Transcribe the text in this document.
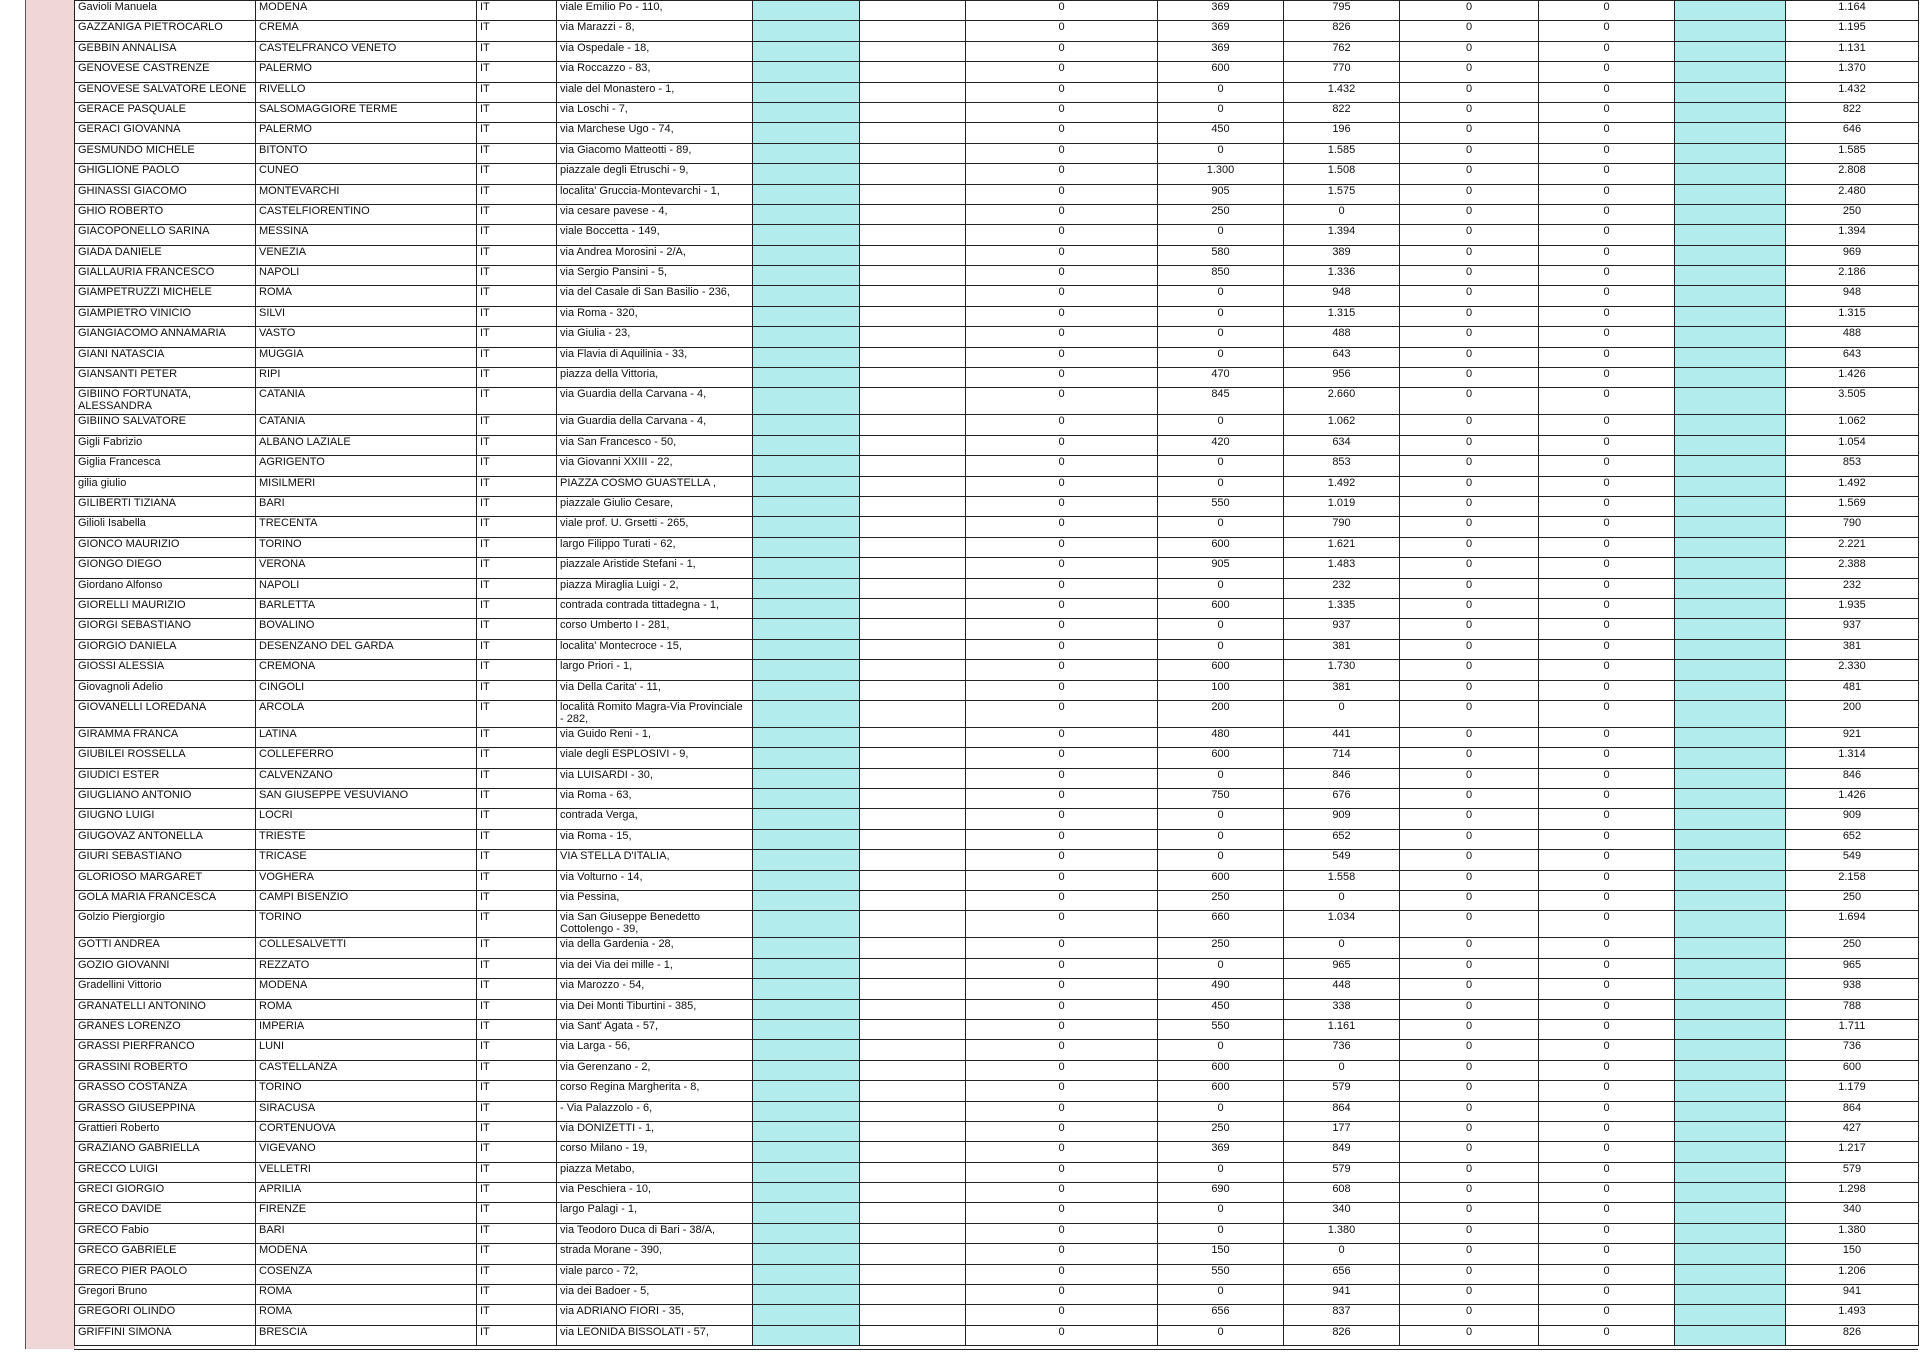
Gavioli Manuela	MODENA	IT	viale Emilio Po - 110,			0	369	795	0	0		1.164
GAZZANIGA PIETROCARLO	CREMA	IT	via Marazzi - 8,			0	369	826	0	0		1.195
GEBBIN ANNALISA	CASTELFRANCO VENETO	IT	via Ospedale - 18,			0	369	762	0	0		1.131
GENOVESE CASTRENZE	PALERMO	IT	via Roccazzo - 83,			0	600	770	0	0		1.370
GENOVESE SALVATORE LEONE	RIVELLO	IT	viale del Monastero - 1,			0	0	1.432	0	0		1.432
GERACE PASQUALE	SALSOMAGGIORE TERME	IT	via Loschi - 7,			0	0	822	0	0		822
GERACI GIOVANNA	PALERMO	IT	via Marchese Ugo - 74,			0	450	196	0	0		646
GESMUNDO MICHELE	BITONTO	IT	via Giacomo Matteotti - 89,			0	0	1.585	0	0		1.585
GHIGLIONE PAOLO	CUNEO	IT	piazzale degli Etruschi - 9,			0	1.300	1.508	0	0		2.808
GHINASSI GIACOMO	MONTEVARCHI	IT	localita' Gruccia-Montevarchi - 1,			0	905	1.575	0	0		2.480
GHIO ROBERTO	CASTELFIORENTINO	IT	via cesare pavese - 4,			0	250	0	0	0		250
GIACOPONELLO SARINA	MESSINA	IT	viale Boccetta - 149,			0	0	1.394	0	0		1.394
GIADA DANIELE	VENEZIA	IT	via Andrea Morosini - 2/A,			0	580	389	0	0		969
GIALLAURIA FRANCESCO	NAPOLI	IT	via Sergio Pansini - 5,			0	850	1.336	0	0		2.186
GIAMPETRUZZI MICHELE	ROMA	IT	via del Casale di San Basilio - 236,			0	0	948	0	0		948
GIAMPIETRO VINICIO	SILVI	IT	via Roma - 320,			0	0	1.315	0	0		1.315
GIANGIACOMO ANNAMARIA	VASTO	IT	via Giulia - 23,			0	0	488	0	0		488
GIANI NATASCIA	MUGGIA	IT	via Flavia di Aquilinia - 33,			0	0	643	0	0		643
GIANSANTI PETER	RIPI	IT	piazza della Vittoria,			0	470	956	0	0		1.426
GIBIINO FORTUNATA, ALESSANDRA	CATANIA	IT	via Guardia della Carvana - 4,			0	845	2.660	0	0		3.505
GIBIINO SALVATORE	CATANIA	IT	via Guardia della Carvana - 4,			0	0	1.062	0	0		1.062
Gigli Fabrizio	ALBANO LAZIALE	IT	via San Francesco - 50,			0	420	634	0	0		1.054
Giglia Francesca	AGRIGENTO	IT	via Giovanni XXIII - 22,			0	0	853	0	0		853
gilia giulio	MISILMERI	IT	PIAZZA COSMO GUASTELLA ,			0	0	1.492	0	0		1.492
GILIBERTI TIZIANA	BARI	IT	piazzale Giulio Cesare,			0	550	1.019	0	0		1.569
Gilioli Isabella	TRECENTA	IT	viale prof. U. Grsetti - 265,			0	0	790	0	0		790
GIONCO MAURIZIO	TORINO	IT	largo Filippo Turati - 62,			0	600	1.621	0	0		2.221
GIONGO DIEGO	VERONA	IT	piazzale Aristide Stefani - 1,			0	905	1.483	0	0		2.388
Giordano Alfonso	NAPOLI	IT	piazza Miraglia Luigi - 2,			0	0	232	0	0		232
GIORELLI MAURIZIO	BARLETTA	IT	contrada contrada tittadegna - 1,			0	600	1.335	0	0		1.935
GIORGI SEBASTIANO	BOVALINO	IT	corso Umberto I - 281,			0	0	937	0	0		937
GIORGIO DANIELA	DESENZANO DEL GARDA	IT	localita' Montecroce - 15,			0	0	381	0	0		381
GIOSSI ALESSIA	CREMONA	IT	largo Priori - 1,			0	600	1.730	0	0		2.330
Giovagnoli Adelio	CINGOLI	IT	via Della Carita' - 11,			0	100	381	0	0		481
GIOVANELLI LOREDANA	ARCOLA	IT	località Romito Magra-Via Provinciale - 282,			0	200	0	0	0		200
GIRAMMA FRANCA	LATINA	IT	via Guido Reni - 1,			0	480	441	0	0		921
GIUBILEI ROSSELLA	COLLEFERRO	IT	viale degli ESPLOSIVI - 9,			0	600	714	0	0		1.314
GIUDICI ESTER	CALVENZANO	IT	via LUISARDI - 30,			0	0	846	0	0		846
GIUGLIANO ANTONIO	SAN GIUSEPPE VESUVIANO	IT	via Roma - 63,			0	750	676	0	0		1.426
GIUGNO LUIGI	LOCRI	IT	contrada Verga,			0	0	909	0	0		909
GIUGOVAZ ANTONELLA	TRIESTE	IT	via Roma - 15,			0	0	652	0	0		652
GIURI SEBASTIANO	TRICASE	IT	VIA STELLA D'ITALIA,			0	0	549	0	0		549
GLORIOSO MARGARET	VOGHERA	IT	via Volturno - 14,			0	600	1.558	0	0		2.158
GOLA MARIA FRANCESCA	CAMPI BISENZIO	IT	via Pessina,			0	250	0	0	0		250
Golzio Piergiorgio	TORINO	IT	via San Giuseppe Benedetto Cottolengo - 39,			0	660	1.034	0	0		1.694
GOTTI ANDREA	COLLESALVETTI	IT	via della Gardenia - 28,			0	250	0	0	0		250
GOZIO GIOVANNI	REZZATO	IT	via dei Via dei mille - 1,			0	0	965	0	0		965
Gradellini Vittorio	MODENA	IT	via Marozzo - 54,			0	490	448	0	0		938
GRANATELLI ANTONINO	ROMA	IT	via Dei Monti Tiburtini - 385,			0	450	338	0	0		788
GRANES LORENZO	IMPERIA	IT	via Sant' Agata - 57,			0	550	1.161	0	0		1.711
GRASSI PIERFRANCO	LUNI	IT	via Larga - 56,			0	0	736	0	0		736
GRASSINI ROBERTO	CASTELLANZA	IT	via Gerenzano - 2,			0	600	0	0	0		600
GRASSO COSTANZA	TORINO	IT	corso Regina Margherita - 8,			0	600	579	0	0		1.179
GRASSO GIUSEPPINA	SIRACUSA	IT	- Via Palazzolo - 6,			0	0	864	0	0		864
Grattieri Roberto	CORTENUOVA	IT	via DONIZETTI - 1,			0	250	177	0	0		427
GRAZIANO GABRIELLA	VIGEVANO	IT	corso Milano - 19,			0	369	849	0	0		1.217
GRECCO LUIGI	VELLETRI	IT	piazza Metabo,			0	0	579	0	0		579
GRECI GIORGIO	APRILIA	IT	via Peschiera - 10,			0	690	608	0	0		1.298
GRECO DAVIDE	FIRENZE	IT	largo Palagi - 1,			0	0	340	0	0		340
GRECO Fabio	BARI	IT	via Teodoro Duca di Bari - 38/A,			0	0	1.380	0	0		1.380
GRECO GABRIELE	MODENA	IT	strada Morane - 390,			0	150	0	0	0		150
GRECO PIER PAOLO	COSENZA	IT	viale parco - 72,			0	550	656	0	0		1.206
Gregori Bruno	ROMA	IT	via dei Badoer - 5,			0	0	941	0	0		941
GREGORI OLINDO	ROMA	IT	via ADRIANO FIORI - 35,			0	656	837	0	0		1.493
GRIFFINI SIMONA	BRESCIA	IT	via LEONIDA BISSOLATI - 57,			0	0	826	0	0		826
